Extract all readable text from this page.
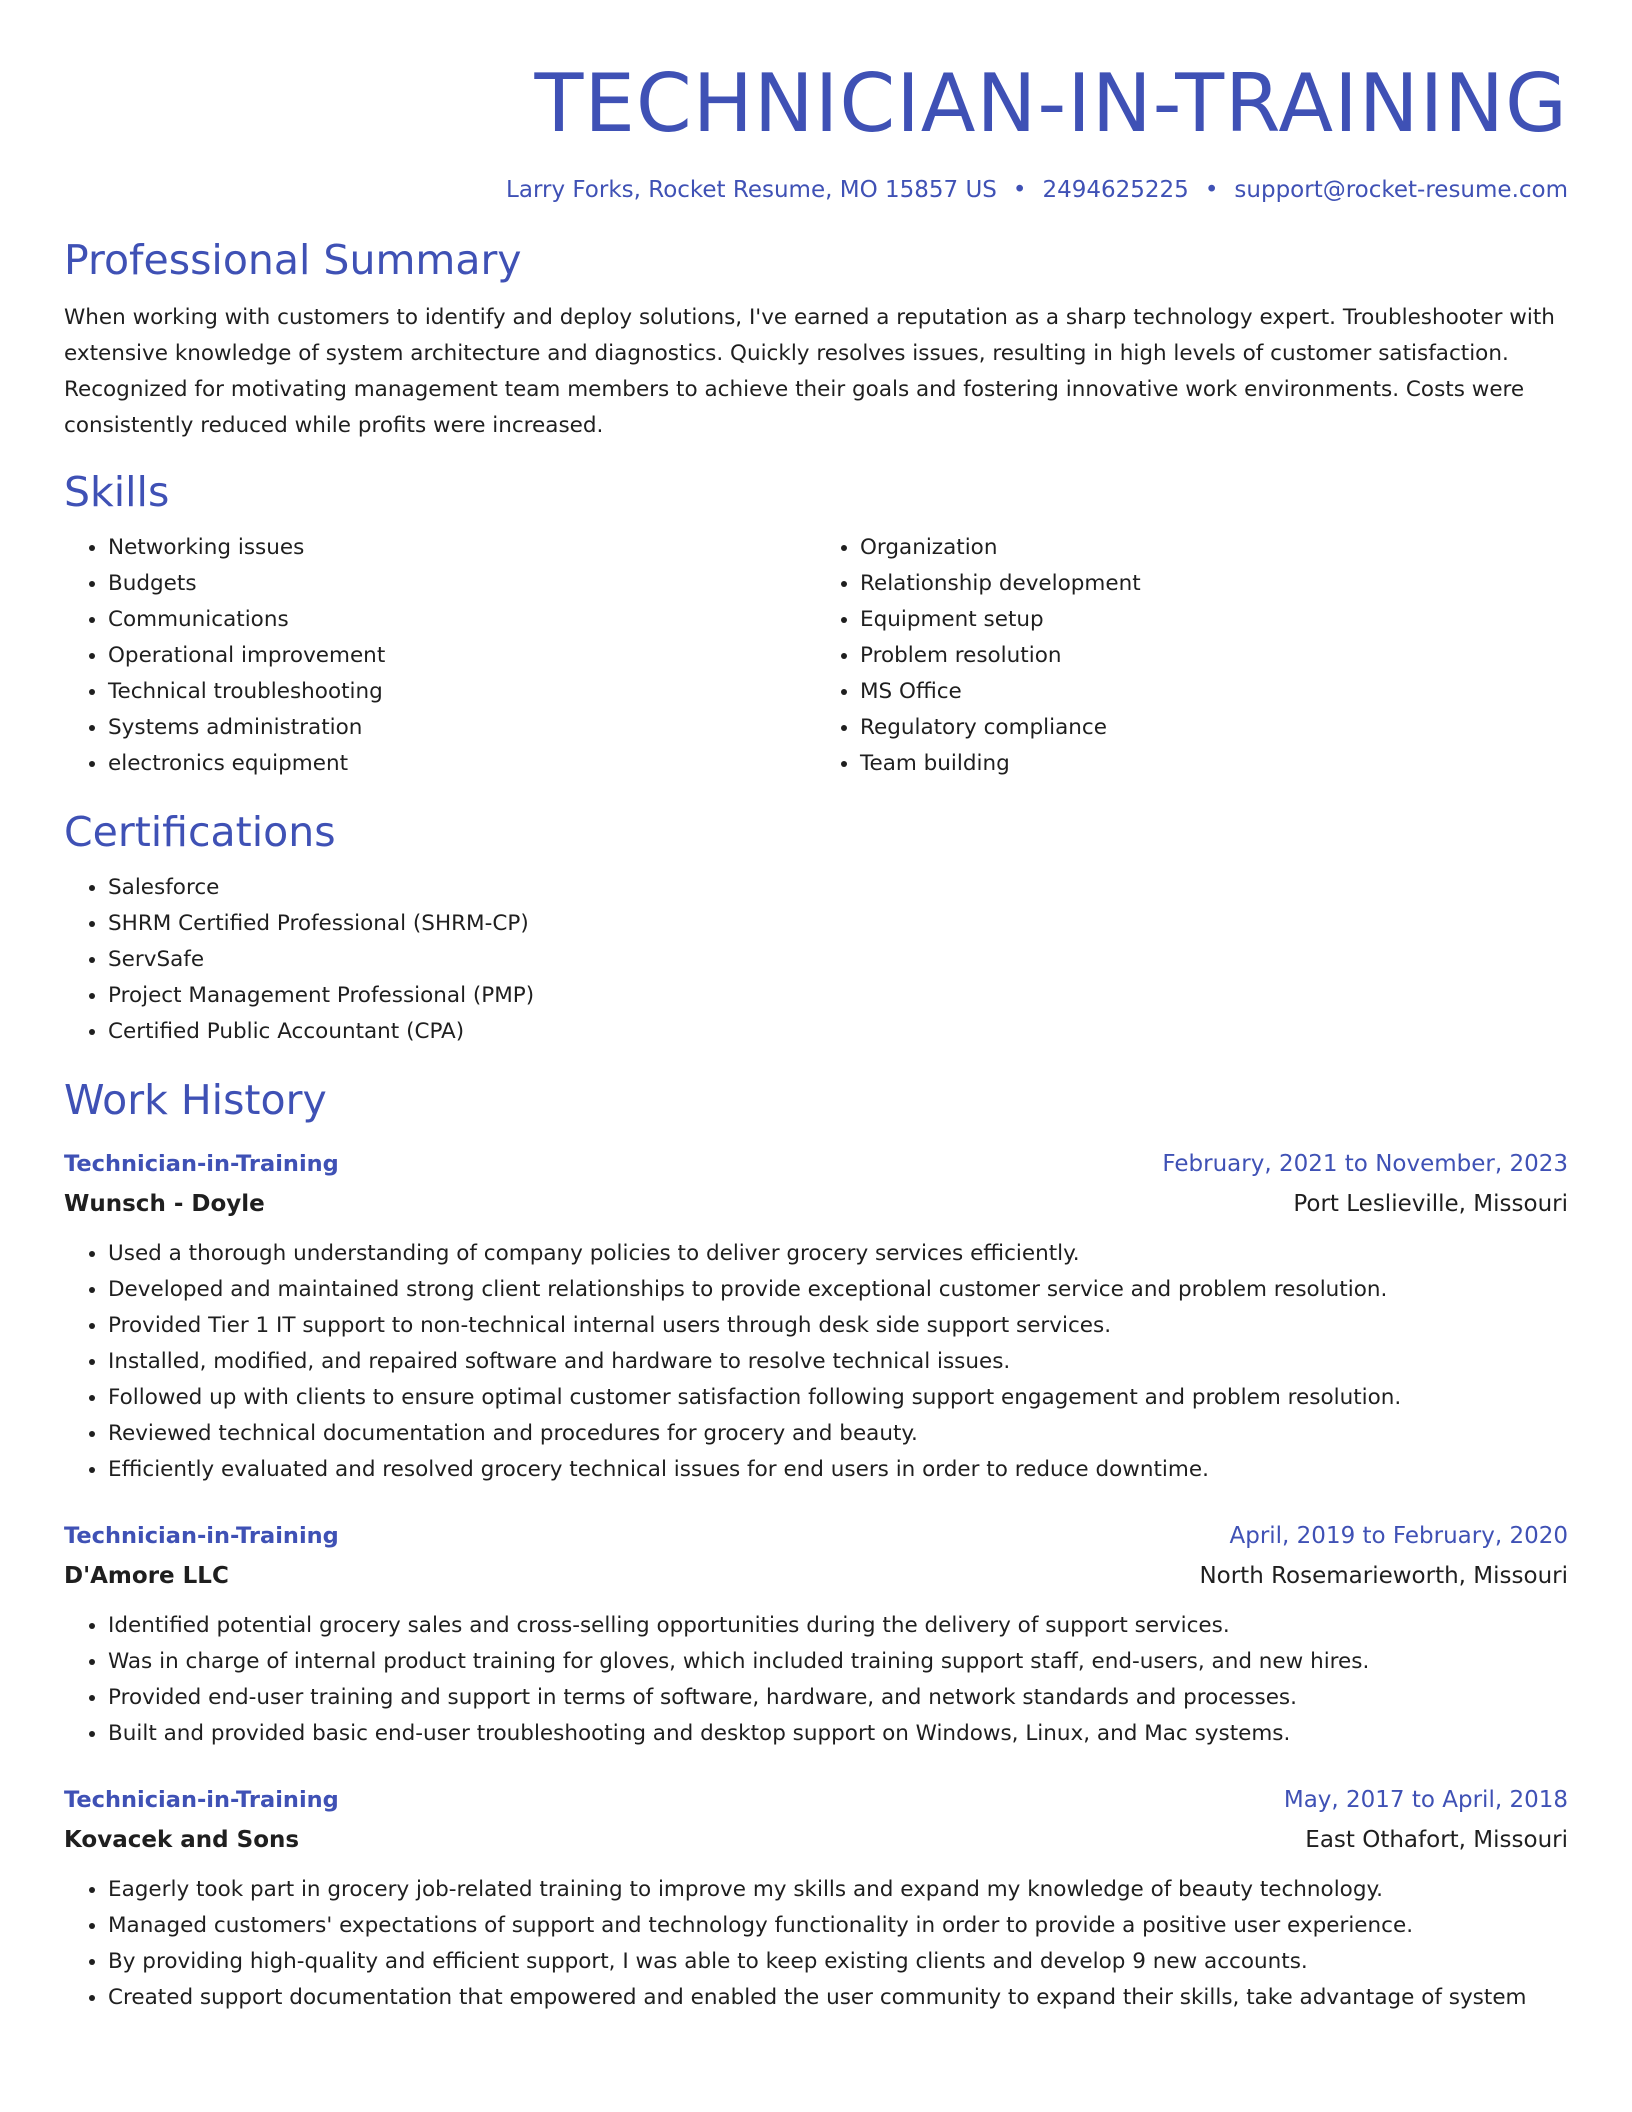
TECHNICIAN-IN-TRAINING
Larry Forks, Rocket Resume, MO 15857 US • 2494625225 • support@rocket-resume.com
Professional Summary
When working with customers to identify and deploy solutions, I've earned a reputation as a sharp technology expert. Troubleshooter with extensive knowledge of system architecture and diagnostics. Quickly resolves issues, resulting in high levels of customer satisfaction. Recognized for motivating management team members to achieve their goals and fostering innovative work environments. Costs were consistently reduced while profits were increased.
Skills
• Networking issues
• Budgets
• Communications
• Operational improvement
• Technical troubleshooting
• Systems administration
• electronics equipment
• Organization
• Relationship development
• Equipment setup
• Problem resolution
• MS Office
• Regulatory compliance
• Team building
Certifications
• Salesforce
• SHRM Certified Professional (SHRM-CP)
• ServSafe
• Project Management Professional (PMP)
• Certified Public Accountant (CPA)
Work History
Technician-in-Training	February, 2021 to November, 2023
Wunsch - Doyle	Port Leslieville, Missouri
• Used a thorough understanding of company policies to deliver grocery services efficiently.
• Developed and maintained strong client relationships to provide exceptional customer service and problem resolution.
• Provided Tier 1 IT support to non-technical internal users through desk side support services.
• Installed, modified, and repaired software and hardware to resolve technical issues.
• Followed up with clients to ensure optimal customer satisfaction following support engagement and problem resolution.
• Reviewed technical documentation and procedures for grocery and beauty.
• Efficiently evaluated and resolved grocery technical issues for end users in order to reduce downtime.
Technician-in-Training	April, 2019 to February, 2020
D'Amore LLC	North Rosemarieworth, Missouri
• Identified potential grocery sales and cross-selling opportunities during the delivery of support services.
• Was in charge of internal product training for gloves, which included training support staff, end-users, and new hires.
• Provided end-user training and support in terms of software, hardware, and network standards and processes.
• Built and provided basic end-user troubleshooting and desktop support on Windows, Linux, and Mac systems.
Technician-in-Training	May, 2017 to April, 2018
Kovacek and Sons	East Othafort, Missouri
• Eagerly took part in grocery job-related training to improve my skills and expand my knowledge of beauty technology.
• Managed customers' expectations of support and technology functionality in order to provide a positive user experience.
• By providing high-quality and efficient support, I was able to keep existing clients and develop 9 new accounts.
• Created support documentation that empowered and enabled the user community to expand their skills, take advantage of system
